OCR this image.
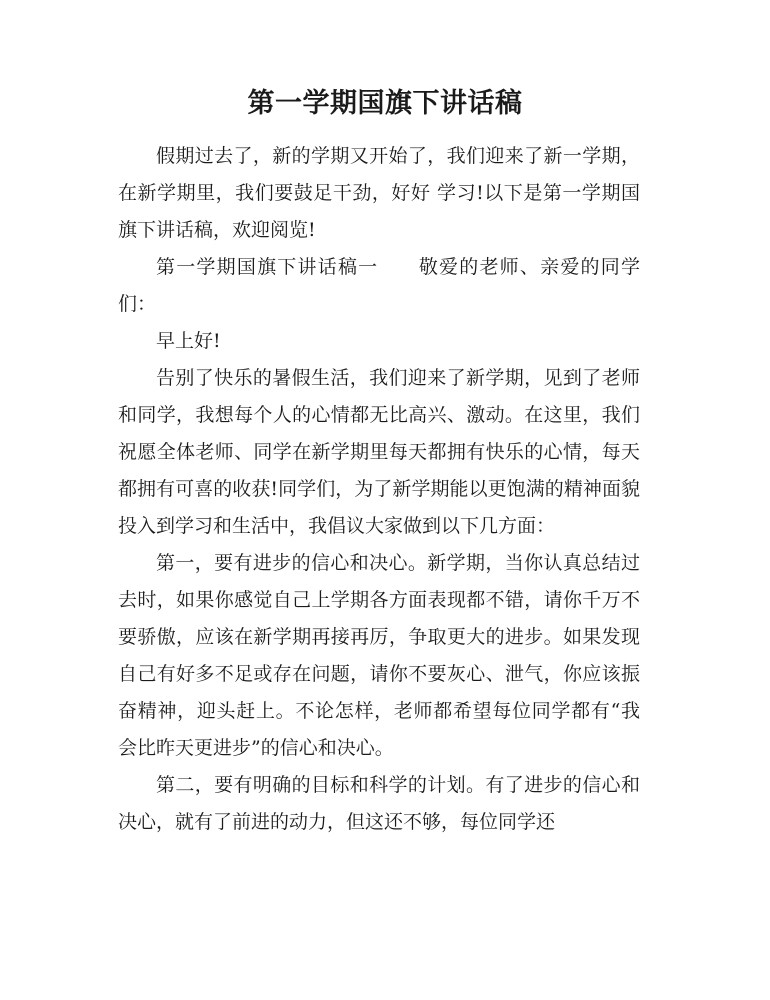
第一学期国旗下讲话稿

假期过去了，新的学期又开始了，我们迎来了新一学期，在新学期里，我们要鼓足干劲，好好 学习!以下是第一学期国旗下讲话稿，欢迎阅览!

第一学期国旗下讲话稿一　　敬爱的老师、亲爱的同学们：

早上好!

告别了快乐的暑假生活，我们迎来了新学期，见到了老师和同学，我想每个人的心情都无比高兴、激动。在这里，我们祝愿全体老师、同学在新学期里每天都拥有快乐的心情，每天都拥有可喜的收获!同学们，为了新学期能以更饱满的精神面貌投入到学习和生活中，我倡议大家做到以下几方面：

第一，要有进步的信心和决心。新学期，当你认真总结过去时，如果你感觉自己上学期各方面表现都不错，请你千万不要骄傲，应该在新学期再接再厉，争取更大的进步。如果发现自己有好多不足或存在问题，请你不要灰心、泄气，你应该振奋精神，迎头赶上。不论怎样，老师都希望每位同学都有“我会比昨天更进步”的信心和决心。

第二，要有明确的目标和科学的计划。有了进步的信心和决心，就有了前进的动力，但这还不够，每位同学还
